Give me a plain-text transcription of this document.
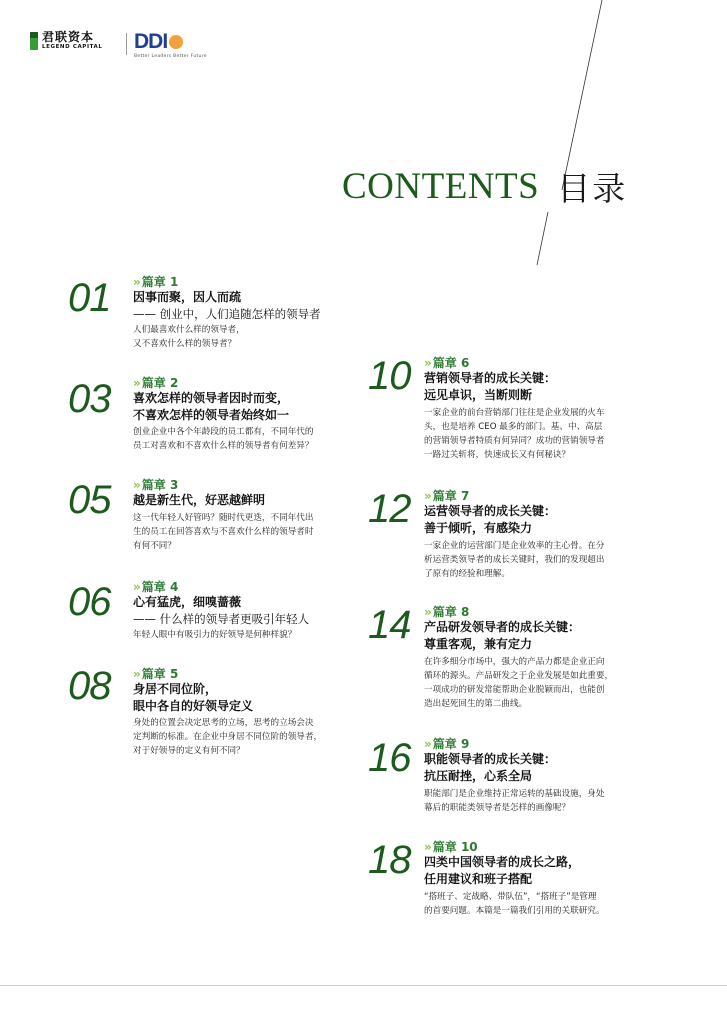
君联资本
LEGEND CAPITAL DDI
Better Leaders Better Future
CONTENTS 目录
01 » 篇章 1
因事而聚，因人而疏
—— 创业中，人们追随怎样的领导者
人们最喜欢什么样的领导者，
又不喜欢什么样的领导者？
03 » 篇章 2
喜欢怎样的领导者因时而变，
不喜欢怎样的领导者始终如一
创业企业中各个年龄段的员工都有，不同年代的
员工对喜欢和不喜欢什么样的领导者有何差异？
05 » 篇章 3
越是新生代，好恶越鲜明
这一代年轻人好管吗？随时代更迭，不同年代出
生的员工在回答喜欢与不喜欢什么样的领导者时
有何不同？
06 » 篇章 4
心有猛虎，细嗅蔷薇
—— 什么样的领导者更吸引年轻人
年轻人眼中有吸引力的好领导是何种样貌？
08 » 篇章 5
身居不同位阶，
眼中各自的好领导定义
身处的位置会决定思考的立场，思考的立场会决
定判断的标准。在企业中身居不同位阶的领导者，
对于好领导的定义有何不同？
10 » 篇章 6
营销领导者的成长关键：
远见卓识，当断则断
一家企业的前台营销部门往往是企业发展的火车
头，也是培养 CEO 最多的部门。基、中、高层
的营销领导者特质有何异同？成功的营销领导者
一路过关斩将，快速成长又有何秘诀？
12 » 篇章 7
运营领导者的成长关键：
善于倾听，有感染力
一家企业的运营部门是企业效率的主心骨。在分
析运营类领导者的成长关键时，我们的发现超出
了原有的经验和理解。
14 » 篇章 8
产品研发领导者的成长关键：
尊重客观，兼有定力
在许多细分市场中，强大的产品力都是企业正向
循环的源头。产品研发之于企业发展是如此重要，
一项成功的研发常能帮助企业脱颖而出，也能创
造出起死回生的第二曲线。
16 » 篇章 9
职能领导者的成长关键：
抗压耐挫，心系全局
职能部门是企业维持正常运转的基础设施，身处
幕后的职能类领导者是怎样的画像呢？
18 » 篇章 10
四类中国领导者的成长之路，
任用建议和班子搭配
“搭班子、定战略、带队伍”，“搭班子”是管理
的首要问题。本篇是一篇我们引用的关联研究。
